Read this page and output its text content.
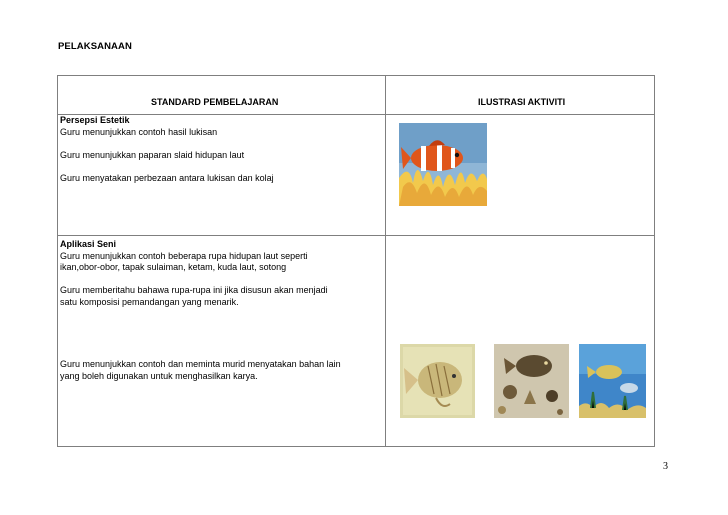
PELAKSANAAN
STANDARD PEMBELAJARAN	ILUSTRASI AKTIVITI
Persepsi Estetik
Guru menunjukkan contoh hasil lukisan
Guru menunjukkan paparan slaid hidupan laut
Guru menyatakan perbezaan antara lukisan dan kolaj
Aplikasi Seni
Guru menunjukkan contoh beberapa rupa hidupan laut seperti
ikan,obor-obor, tapak sulaiman, ketam, kuda laut, sotong
Guru memberitahu bahawa rupa-rupa ini jika disusun akan menjadi
satu komposisi pemandangan yang menarik.
Guru menunjukkan contoh dan meminta murid menyatakan bahan lain
yang boleh digunakan untuk menghasilkan karya.
3
